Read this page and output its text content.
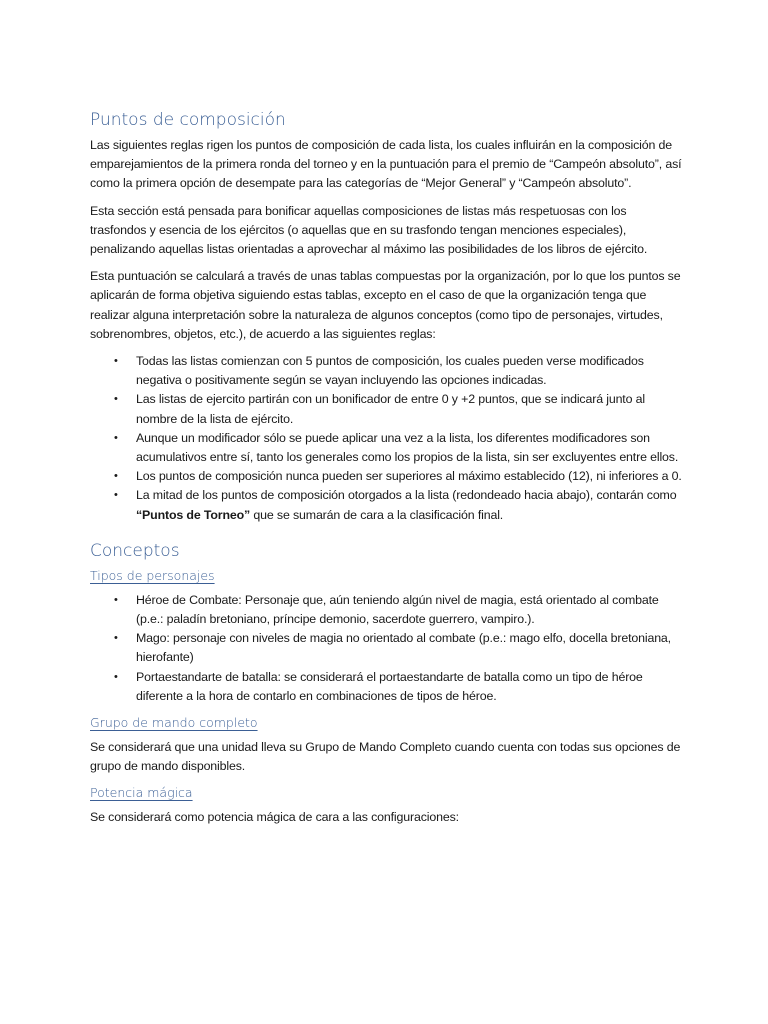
Puntos de composición

Las siguientes reglas rigen los puntos de composición de cada lista, los cuales influirán en la composición de emparejamientos de la primera ronda del torneo y en la puntuación para el premio de “Campeón absoluto”, así como la primera opción de desempate para las categorías de “Mejor General” y “Campeón absoluto”.

Esta sección está pensada para bonificar aquellas composiciones de listas más respetuosas con los trasfondos y esencia de los ejércitos (o aquellas que en su trasfondo tengan menciones especiales), penalizando aquellas listas orientadas a aprovechar al máximo las posibilidades de los libros de ejército.

Esta puntuación se calculará a través de unas tablas compuestas por la organización, por lo que los puntos se aplicarán de forma objetiva siguiendo estas tablas, excepto en el caso de que la organización tenga que realizar alguna interpretación sobre la naturaleza de algunos conceptos (como tipo de personajes, virtudes, sobrenombres, objetos, etc.), de acuerdo a las siguientes reglas:

• Todas las listas comienzan con 5 puntos de composición, los cuales pueden verse modificados negativa o positivamente según se vayan incluyendo las opciones indicadas.
• Las listas de ejercito partirán con un bonificador de entre 0 y +2 puntos, que se indicará junto al nombre de la lista de ejército.
• Aunque un modificador sólo se puede aplicar una vez a la lista, los diferentes modificadores son acumulativos entre sí, tanto los generales como los propios de la lista, sin ser excluyentes entre ellos.
• Los puntos de composición nunca pueden ser superiores al máximo establecido (12), ni inferiores a 0.
• La mitad de los puntos de composición otorgados a la lista (redondeado hacia abajo), contarán como “Puntos de Torneo” que se sumarán de cara a la clasificación final.
Conceptos
Tipos de personajes
• Héroe de Combate: Personaje que, aún teniendo algún nivel de magia, está orientado al combate (p.e.: paladín bretoniano, príncipe demonio, sacerdote guerrero, vampiro.).
• Mago: personaje con niveles de magia no orientado al combate (p.e.: mago elfo, docella bretoniana, hierofante)
• Portaestandarte de batalla: se considerará el portaestandarte de batalla como un tipo de héroe diferente a la hora de contarlo en combinaciones de tipos de héroe.
Grupo de mando completo

Se considerará que una unidad lleva su Grupo de Mando Completo cuando cuenta con todas sus opciones de grupo de mando disponibles.

Potencia mágica

Se considerará como potencia mágica de cara a las configuraciones:
